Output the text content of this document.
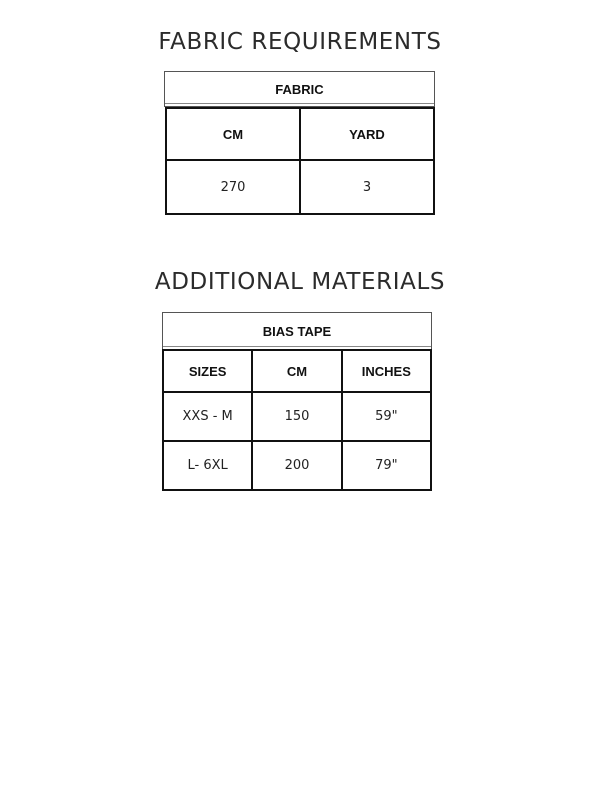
FABRIC REQUIREMENTS
FABRIC
CM	YARD
270	3
ADDITIONAL MATERIALS
BIAS TAPE
SIZES	CM	INCHES
XXS - M	150	59"
L- 6XL	200	79"
